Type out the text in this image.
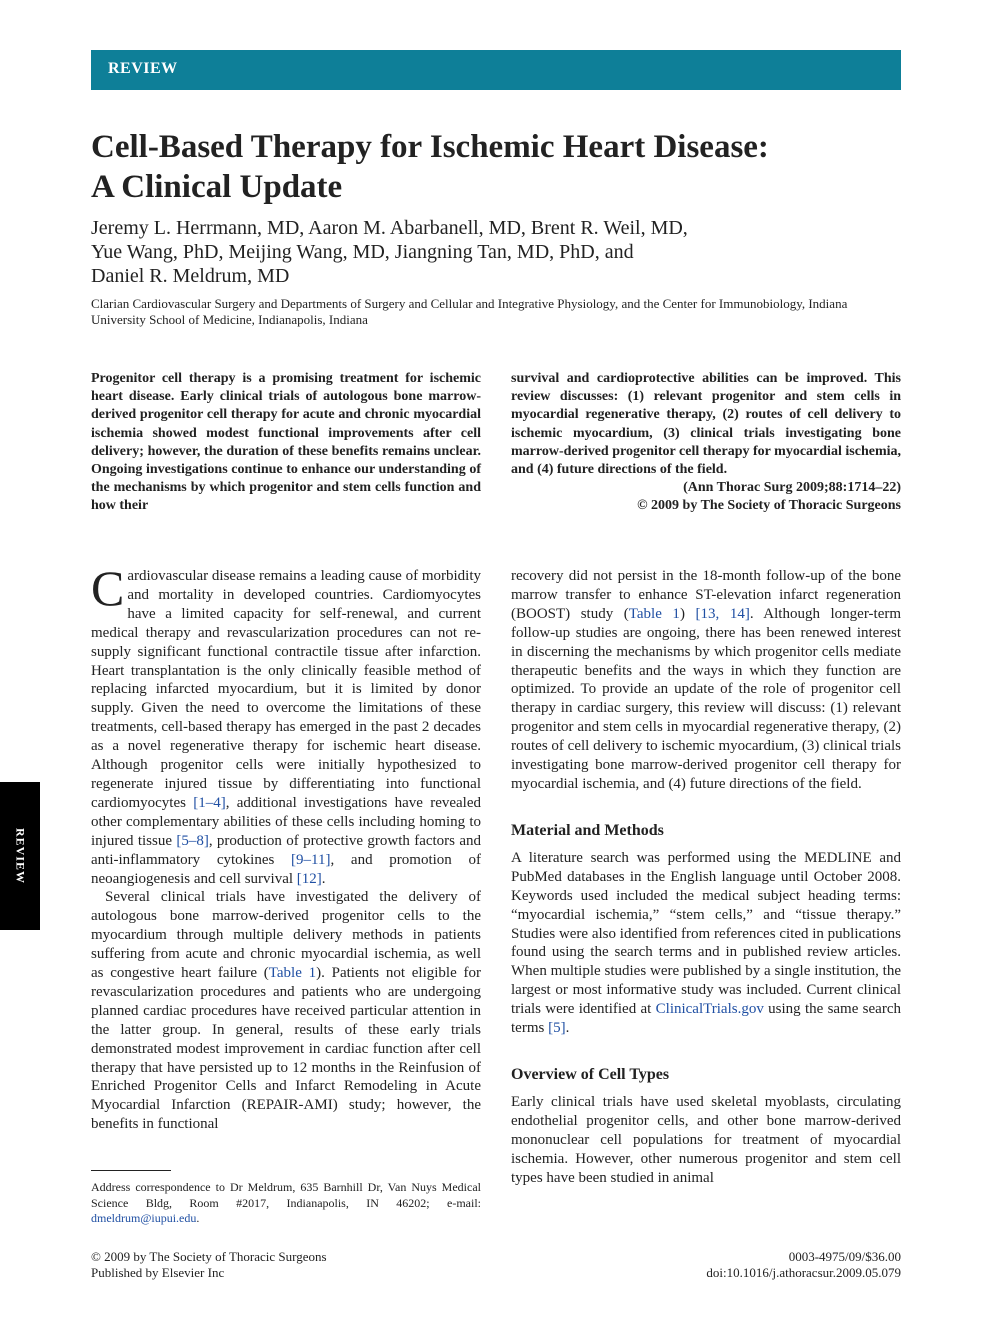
REVIEW
REVIEW
Cell-Based Therapy for Ischemic Heart Disease:
A Clinical Update
Jeremy L. Herrmann, MD, Aaron M. Abarbanell, MD, Brent R. Weil, MD,
Yue Wang, PhD, Meijing Wang, MD, Jiangning Tan, MD, PhD, and
Daniel R. Meldrum, MD
Clarian Cardiovascular Surgery and Departments of Surgery and Cellular and Integrative Physiology, and the Center for Immunobiology, Indiana University School of Medicine, Indianapolis, Indiana

Progenitor cell therapy is a promising treatment for ischemic heart disease. Early clinical trials of autologous bone marrow-derived progenitor cell therapy for acute and chronic myocardial ischemia showed modest functional improvements after cell delivery; however, the duration of these benefits remains unclear. Ongoing investigations continue to enhance our understanding of the mechanisms by which progenitor and stem cells function and how their

survival and cardioprotective abilities can be improved. This review discusses: (1) relevant progenitor and stem cells in myocardial regenerative therapy, (2) routes of cell delivery to ischemic myocardium, (3) clinical trials investigating bone marrow-derived progenitor cell therapy for myocardial ischemia, and (4) future directions of the field.

(Ann Thorac Surg 2009;88:1714–22)

© 2009 by The Society of Thoracic Surgeons

Cardiovascular disease remains a leading cause of morbidity and mortality in developed countries. Cardiomyocytes have a limited capacity for self-renewal, and current medical therapy and revascularization procedures can not re-supply significant functional contractile tissue after infarction. Heart transplantation is the only clinically feasible method of replacing infarcted myocardium, but it is limited by donor supply. Given the need to overcome the limitations of these treatments, cell-based therapy has emerged in the past 2 decades as a novel regenerative therapy for ischemic heart disease. Although progenitor cells were initially hypothesized to regenerate injured tissue by differentiating into functional cardiomyocytes [1–4], additional investigations have revealed other complementary abilities of these cells including homing to injured tissue [5–8], production of protective growth factors and anti-inflammatory cytokines [9–11], and promotion of neoangiogenesis and cell survival [12].

Several clinical trials have investigated the delivery of autologous bone marrow-derived progenitor cells to the myocardium through multiple delivery methods in patients suffering from acute and chronic myocardial ischemia, as well as congestive heart failure (Table 1). Patients not eligible for revascularization procedures and patients who are undergoing planned cardiac procedures have received particular attention in the latter group. In general, results of these early trials demonstrated modest improvement in cardiac function after cell therapy that have persisted up to 12 months in the Reinfusion of Enriched Progenitor Cells and Infarct Remodeling in Acute Myocardial Infarction (REPAIR-AMI) study; however, the benefits in functional

recovery did not persist in the 18-month follow-up of the bone marrow transfer to enhance ST-elevation infarct regeneration (BOOST) study (Table 1) [13, 14]. Although longer-term follow-up studies are ongoing, there has been renewed interest in discerning the mechanisms by which progenitor cells mediate therapeutic benefits and the ways in which they function are optimized. To provide an update of the role of progenitor cell therapy in cardiac surgery, this review will discuss: (1) relevant progenitor and stem cells in myocardial regenerative therapy, (2) routes of cell delivery to ischemic myocardium, (3) clinical trials investigating bone marrow-derived progenitor cell therapy for myocardial ischemia, and (4) future directions of the field.

Material and Methods

A literature search was performed using the MEDLINE and PubMed databases in the English language until October 2008. Keywords used included the medical subject heading terms: “myocardial ischemia,” “stem cells,” and “tissue therapy.” Studies were also identified from references cited in publications found using the search terms and in published review articles. When multiple studies were published by a single institution, the largest or most informative study was included. Current clinical trials were identified at ClinicalTrials.gov using the same search terms [5].

Overview of Cell Types

Early clinical trials have used skeletal myoblasts, circulating endothelial progenitor cells, and other bone marrow-derived mononuclear cell populations for treatment of myocardial ischemia. However, other numerous progenitor and stem cell types have been studied in animal

Address correspondence to Dr Meldrum, 635 Barnhill Dr, Van Nuys Medical Science Bldg, Room #2017, Indianapolis, IN 46202; e-mail: dmeldrum@iupui.edu.
© 2009 by The Society of Thoracic Surgeons
Published by Elsevier Inc
0003-4975/09/$36.00
doi:10.1016/j.athoracsur.2009.05.079
